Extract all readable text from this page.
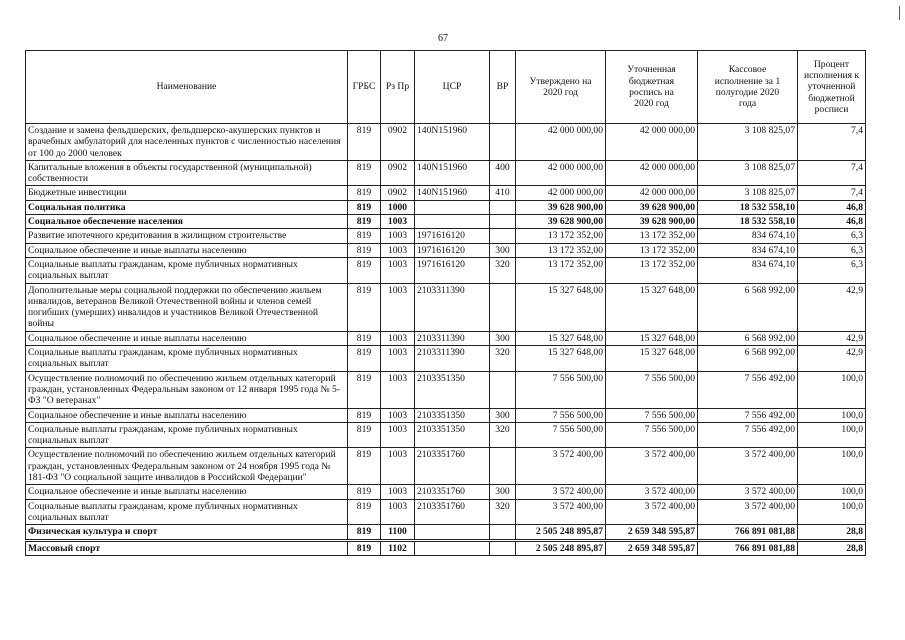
67
Наименование	ГРБС	Рз Пр	ЦСР	ВР	Утверждено на 2020 год	Уточненная бюджетная роспись на 2020 год	Кассовое исполнение за 1 полугодие 2020 года	Процент исполнения к уточненной бюджетной росписи
Создание и замена фельдшерских, фельдшерско-акушерских пунктов и врачебных амбулаторий для населенных пунктов с численностью населения от 100 до 2000 человек	819	0902	140N151960		42 000 000,00	42 000 000,00	3 108 825,07	7,4
Капитальные вложения в объекты государственной (муниципальной) собственности	819	0902	140N151960	400	42 000 000,00	42 000 000,00	3 108 825,07	7,4
Бюджетные инвестиции	819	0902	140N151960	410	42 000 000,00	42 000 000,00	3 108 825,07	7,4
Социальная политика	819	1000			39 628 900,00	39 628 900,00	18 532 558,10	46,8
Социальное обеспечение населения	819	1003			39 628 900,00	39 628 900,00	18 532 558,10	46,8
Развитие ипотечного кредитования в жилищном строительстве	819	1003	1971616120		13 172 352,00	13 172 352,00	834 674,10	6,3
Социальное обеспечение и иные выплаты населению	819	1003	1971616120	300	13 172 352,00	13 172 352,00	834 674,10	6,3
Социальные выплаты гражданам, кроме публичных нормативных социальных выплат	819	1003	1971616120	320	13 172 352,00	13 172 352,00	834 674,10	6,3
Дополнительные меры социальной поддержки по обеспечению жильем инвалидов, ветеранов Великой Отечественной войны и членов семей погибших (умерших) инвалидов и участников Великой Отечественной войны	819	1003	2103311390		15 327 648,00	15 327 648,00	6 568 992,00	42,9
Социальное обеспечение и иные выплаты населению	819	1003	2103311390	300	15 327 648,00	15 327 648,00	6 568 992,00	42,9
Социальные выплаты гражданам, кроме публичных нормативных социальных выплат	819	1003	2103311390	320	15 327 648,00	15 327 648,00	6 568 992,00	42,9
Осуществление полномочий по обеспечению жильем отдельных категорий граждан, установленных Федеральным законом от 12 января 1995 года № 5-ФЗ "О ветеранах"	819	1003	2103351350		7 556 500,00	7 556 500,00	7 556 492,00	100,0
Социальное обеспечение и иные выплаты населению	819	1003	2103351350	300	7 556 500,00	7 556 500,00	7 556 492,00	100,0
Социальные выплаты гражданам, кроме публичных нормативных социальных выплат	819	1003	2103351350	320	7 556 500,00	7 556 500,00	7 556 492,00	100,0
Осуществление полномочий по обеспечению жильем отдельных категорий граждан, установленных Федеральным законом от 24 ноября 1995 года № 181-ФЗ "О социальной защите инвалидов в Российской Федерации"	819	1003	2103351760		3 572 400,00	3 572 400,00	3 572 400,00	100,0
Социальное обеспечение и иные выплаты населению	819	1003	2103351760	300	3 572 400,00	3 572 400,00	3 572 400,00	100,0
Социальные выплаты гражданам, кроме публичных нормативных социальных выплат	819	1003	2103351760	320	3 572 400,00	3 572 400,00	3 572 400,00	100,0
Физическая культура и спорт	819	1100			2 505 248 895,87	2 659 348 595,87	766 891 081,88	28,8
Массовый спорт	819	1102			2 505 248 895,87	2 659 348 595,87	766 891 081,88	28,8
